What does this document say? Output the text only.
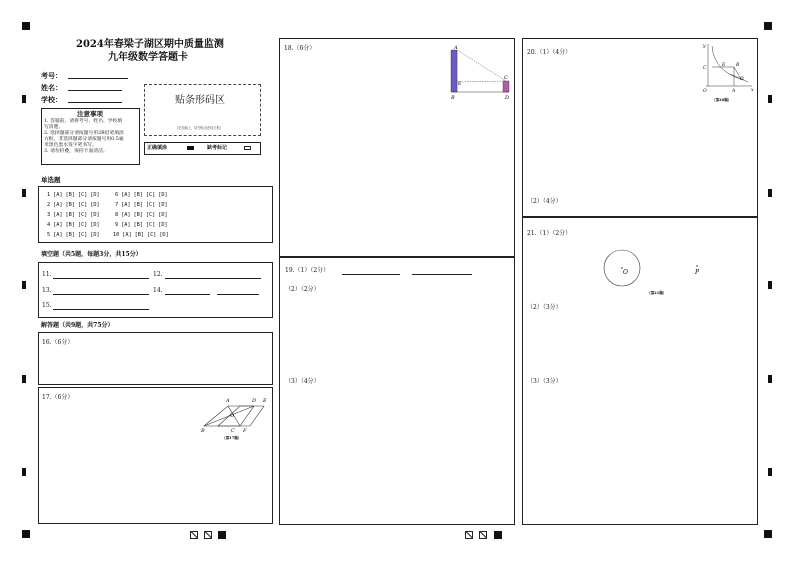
2024年春梁子湖区期中质量监测
九年级数学答题卡
考号：
姓名：
学校：
注意事项
1. 答题前，请将考号、姓名、学校填
写清楚。
2. 选择题部分请按题号用2B铅笔填涂
方框，非选择题部分请按题号用0.5毫
米黑色墨水签字笔书写。
3. 请勿折叠，保持卡面清洁。
贴条形码区
(正面朝上，切勿贴出虚线方框)
正确填涂	缺考标记
单选题
1 [A] [B] [C] [D]
2 [A] [B] [C] [D]
3 [A] [B] [C] [D]
4 [A] [B] [C] [D]
5 [A] [B] [C] [D]
6 [A] [B] [C] [D]
7 [A] [B] [C] [D]
8 [A] [B] [C] [D]
9 [A] [B] [C] [D]
10 [A] [B] [C] [D]
填空题（共5题，每题3分，共15分）
11.	12.
13.	14.
15.
解答题（共9题，共75分）
16.（6分）
17.（6分）	A	D E
O
B	C F
（第17题）
18.（6分）	A
E
B
C
D
19.（1）（2分）
（2）（2分）
（3）（4分）
20.（1）（4分）
（2）（4分）
y
x
O	A
C
E B
D
（第20题）
21.（1）（2分）
（2）（3分）
（3）（3分）
O	P
（第21题）
